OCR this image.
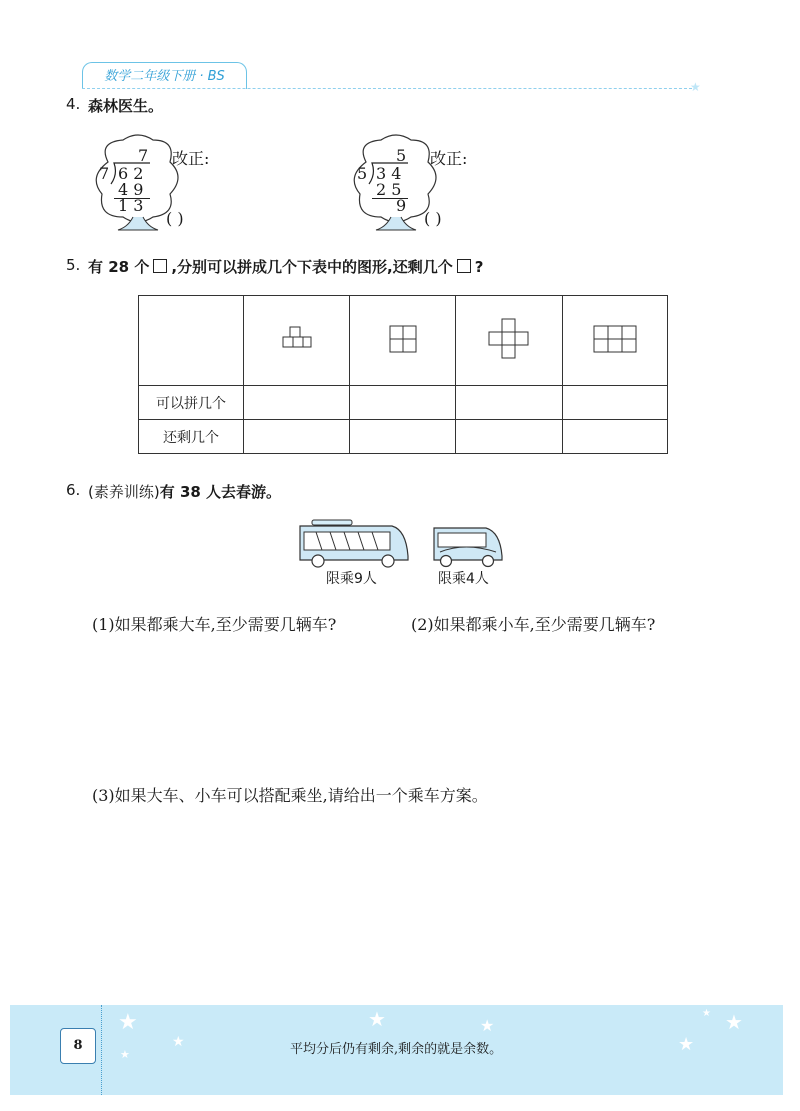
数学二年级下册 · BS
★
4. 森林医生。
7
7 6 2
4 9
1 3
改正:
( )
5
5 3 4
2 5
9
改正:
( )
5. 有 28 个 ,分别可以拼成几个下表中的图形,还剩几个 ?

可以拼几个				
还剩几个				
6. (素养训练)有 38 人去春游。
限乘9人	限乘4人
(1)如果都乘大车,至少需要几辆车?	(2)如果都乘小车,至少需要几辆车?
(3)如果大车、小车可以搭配乘坐,请给出一个乘车方案。
8	平均分后仍有剩余,剩余的就是余数。
★
★
★
★	★
★
★
★
